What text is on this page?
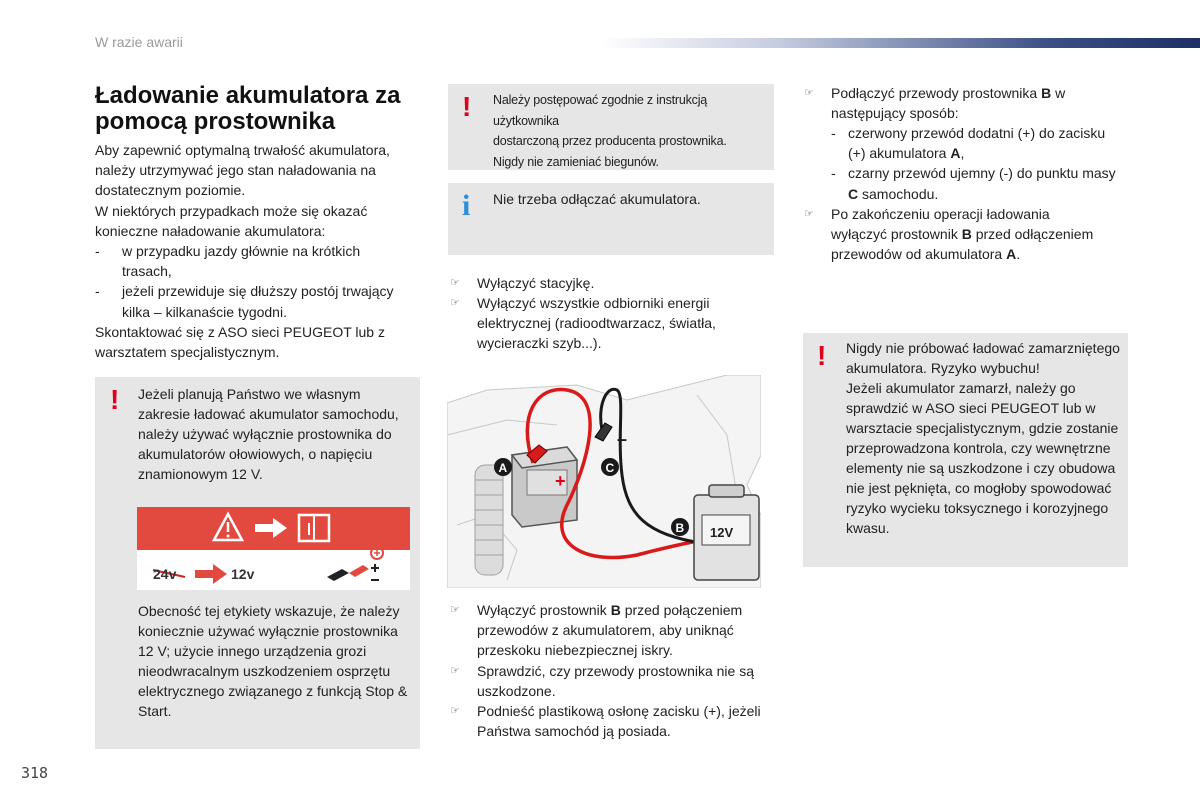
W razie awarii
Ładowanie akumulatora za pomocą prostownika

Aby zapewnić optymalną trwałość akumulatora, należy utrzymywać jego stan naładowania na dostatecznym poziomie.

W niektórych przypadkach może się okazać konieczne naładowanie akumulatora:

- w przypadku jazdy głównie na krótkich trasach,
- jeżeli przewiduje się dłuższy postój trwający kilka – kilkanaście tygodni.

Skontaktować się z ASO sieci PEUGEOT lub z warsztatem specjalistycznym.

! Jeżeli planują Państwo we własnym zakresie ładować akumulator samochodu, należy używać wyłącznie prostownika do akumulatorów ołowiowych, o napięciu znamionowym 12 V.
24v	12v
Obecność tej etykiety wskazuje, że należy koniecznie używać wyłącznie prostownika 12 V; użycie innego urządzenia grozi nieodwracalnym uszkodzeniem osprzętu elektrycznego związanego z funkcją Stop & Start.
! Należy postępować zgodnie z instrukcją użytkownika
dostarczoną przez producenta prostownika.
Nigdy nie zamieniać biegunów.
i Nie trzeba odłączać akumulatora.
☞	Wyłączyć stacyjkę.
☞	Wyłączyć wszystkie odbiorniki energii elektrycznej (radioodtwarzacz, światła, wycieraczki szyb...).
+
–
12V
A	C
B
☞	Wyłączyć prostownik B przed połączeniem przewodów z akumulatorem, aby uniknąć przeskoku niebezpiecznej iskry.
☞	Sprawdzić, czy przewody prostownika nie są uszkodzone.
☞	Podnieść plastikową osłonę zacisku (+), jeżeli Państwa samochód ją posiada.
☞	Podłączyć przewody prostownika B w następujący sposób:
- czerwony przewód dodatni (+) do zacisku (+) akumulatora A,
- czarny przewód ujemny (-) do punktu masy C samochodu.
☞	Po zakończeniu operacji ładowania wyłączyć prostownik B przed odłączeniem przewodów od akumulatora A.
! Nigdy nie próbować ładować zamarzniętego akumulatora. Ryzyko wybuchu!
Jeżeli akumulator zamarzł, należy go sprawdzić w ASO sieci PEUGEOT lub w warsztacie specjalistycznym, gdzie zostanie przeprowadzona kontrola, czy wewnętrzne elementy nie są uszkodzone i czy obudowa nie jest pęknięta, co mogłoby spowodować ryzyko wycieku toksycznego i korozyjnego kwasu.
318
